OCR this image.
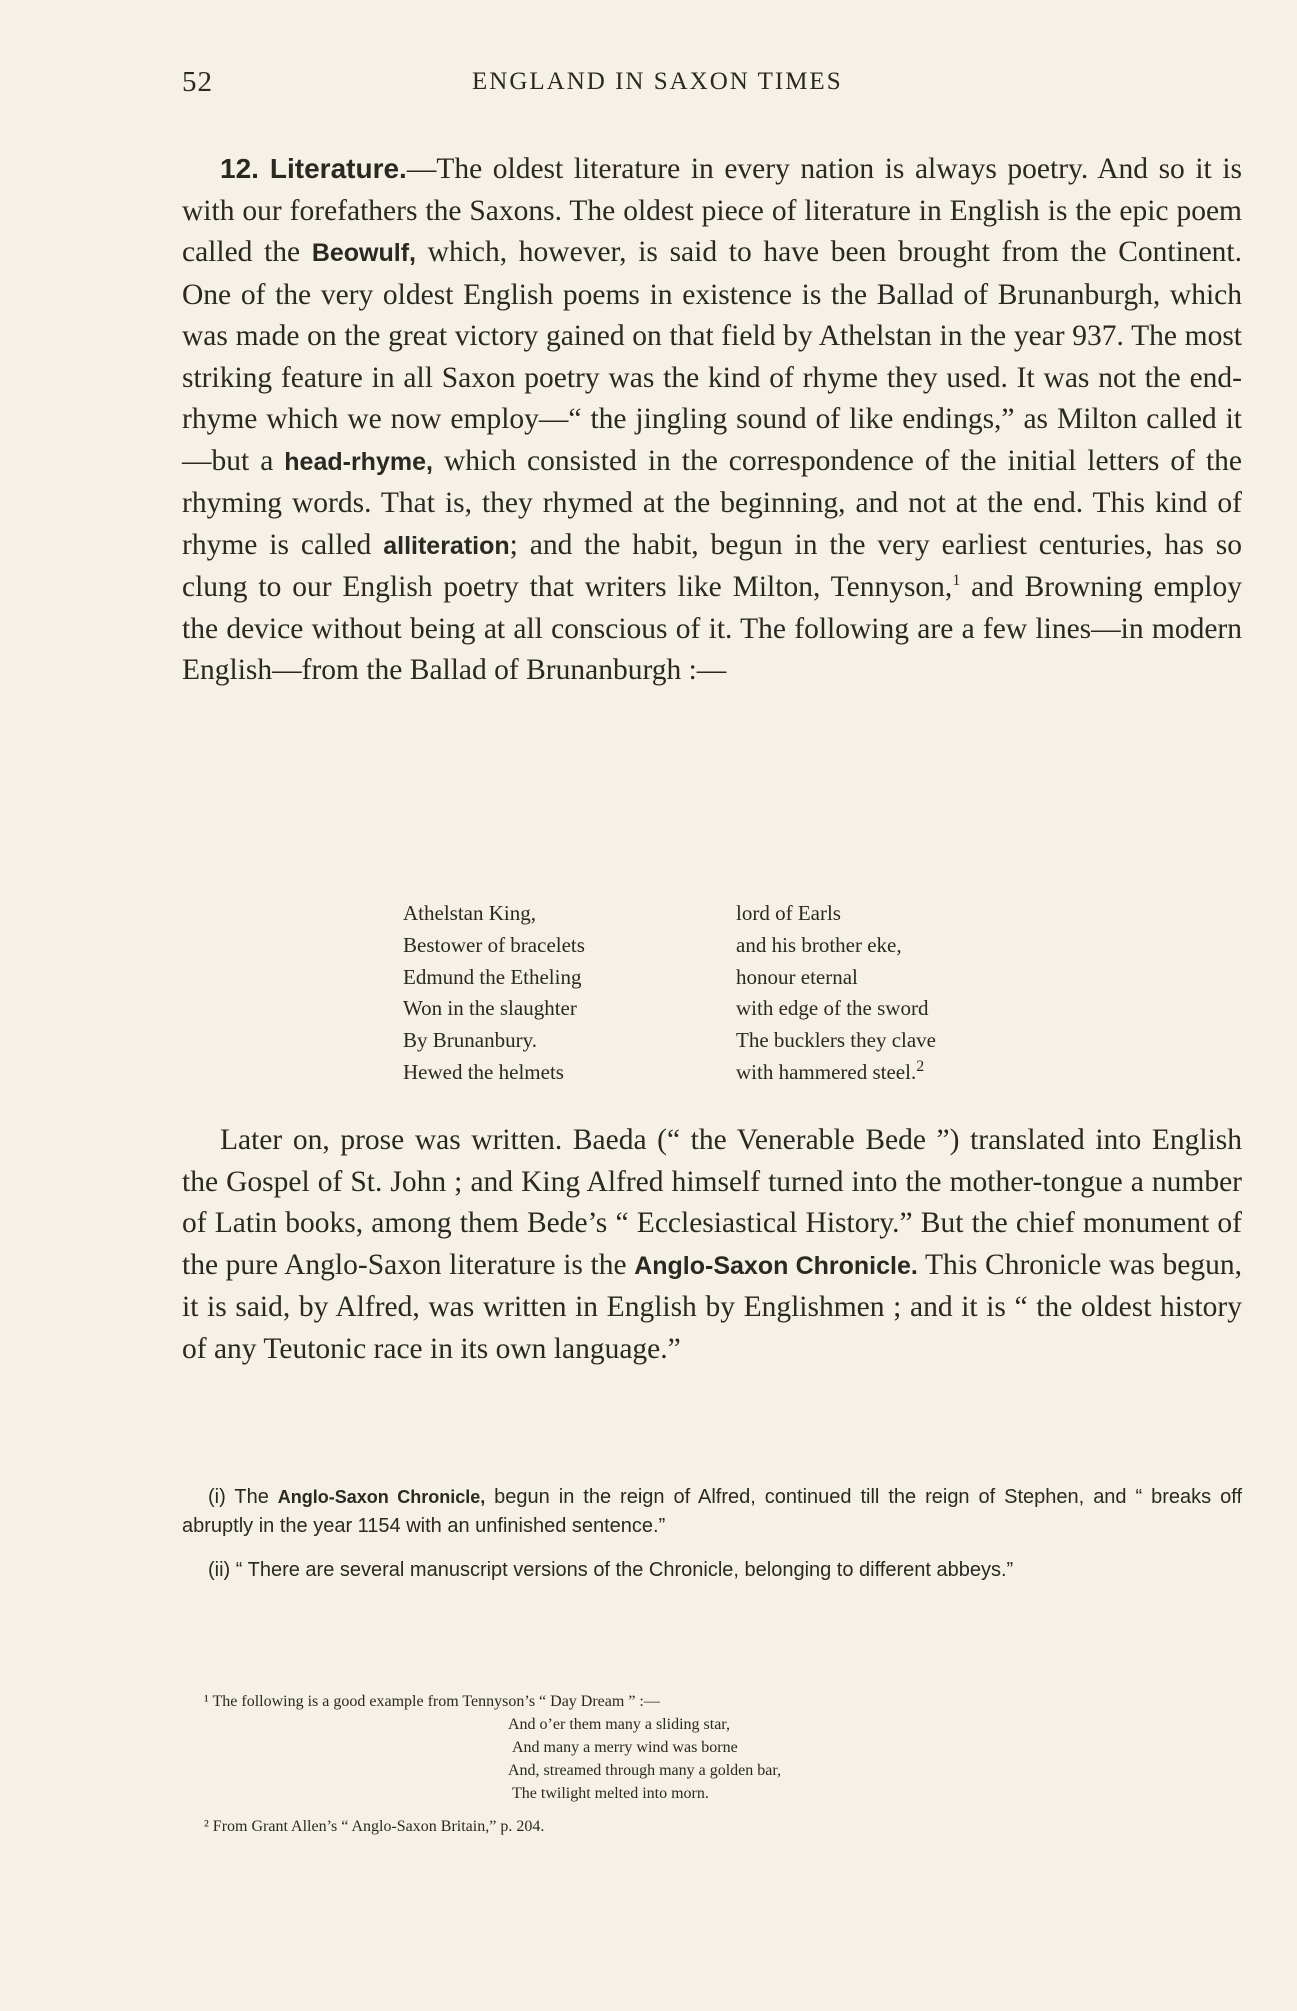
52	ENGLAND IN SAXON TIMES

12. Literature.—The oldest literature in every nation is always poetry. And so it is with our forefathers the Saxons. The oldest piece of literature in English is the epic poem called the Beowulf, which, however, is said to have been brought from the Continent. One of the very oldest English poems in existence is the Ballad of Brunanburgh, which was made on the great victory gained on that field by Athelstan in the year 937. The most striking feature in all Saxon poetry was the kind of rhyme they used. It was not the end-rhyme which we now employ—“ the jingling sound of like endings,” as Milton called it—but a head-rhyme, which consisted in the correspondence of the initial letters of the rhyming words. That is, they rhymed at the beginning, and not at the end. This kind of rhyme is called alliteration; and the habit, begun in the very earliest centuries, has so clung to our English poetry that writers like Milton, Tennyson,$^1$ and Browning employ the device without being at all conscious of it. The following are a few lines—in modern English—from the Ballad of Brunanburgh :—

Athelstan King,	lord of Earls
Bestower of bracelets	and his brother eke,
Edmund the Etheling	honour eternal
Won in the slaughter	with edge of the sword
By Brunanbury.	The bucklers they clave
Hewed the helmets	with hammered steel.$^2$

Later on, prose was written. Baeda (“ the Venerable Bede ”) translated into English the Gospel of St. John ; and King Alfred himself turned into the mother-tongue a number of Latin books, among them Bede’s “ Ecclesiastical History.” But the chief monument of the pure Anglo-Saxon literature is the Anglo-Saxon Chronicle. This Chronicle was begun, it is said, by Alfred, was written in English by Englishmen ; and it is “ the oldest history of any Teutonic race in its own language.”

(i) The Anglo-Saxon Chronicle, begun in the reign of Alfred, continued till the reign of Stephen, and “ breaks off abruptly in the year 1154 with an unfinished sentence.”

(ii) “ There are several manuscript versions of the Chronicle, belonging to different abbeys.”

¹ The following is a good example from Tennyson’s “ Day Dream ” :—
And o’er them many a sliding star,
And many a merry wind was borne
And, streamed through many a golden bar,
The twilight melted into morn.
² From Grant Allen’s “ Anglo-Saxon Britain,” p. 204.
